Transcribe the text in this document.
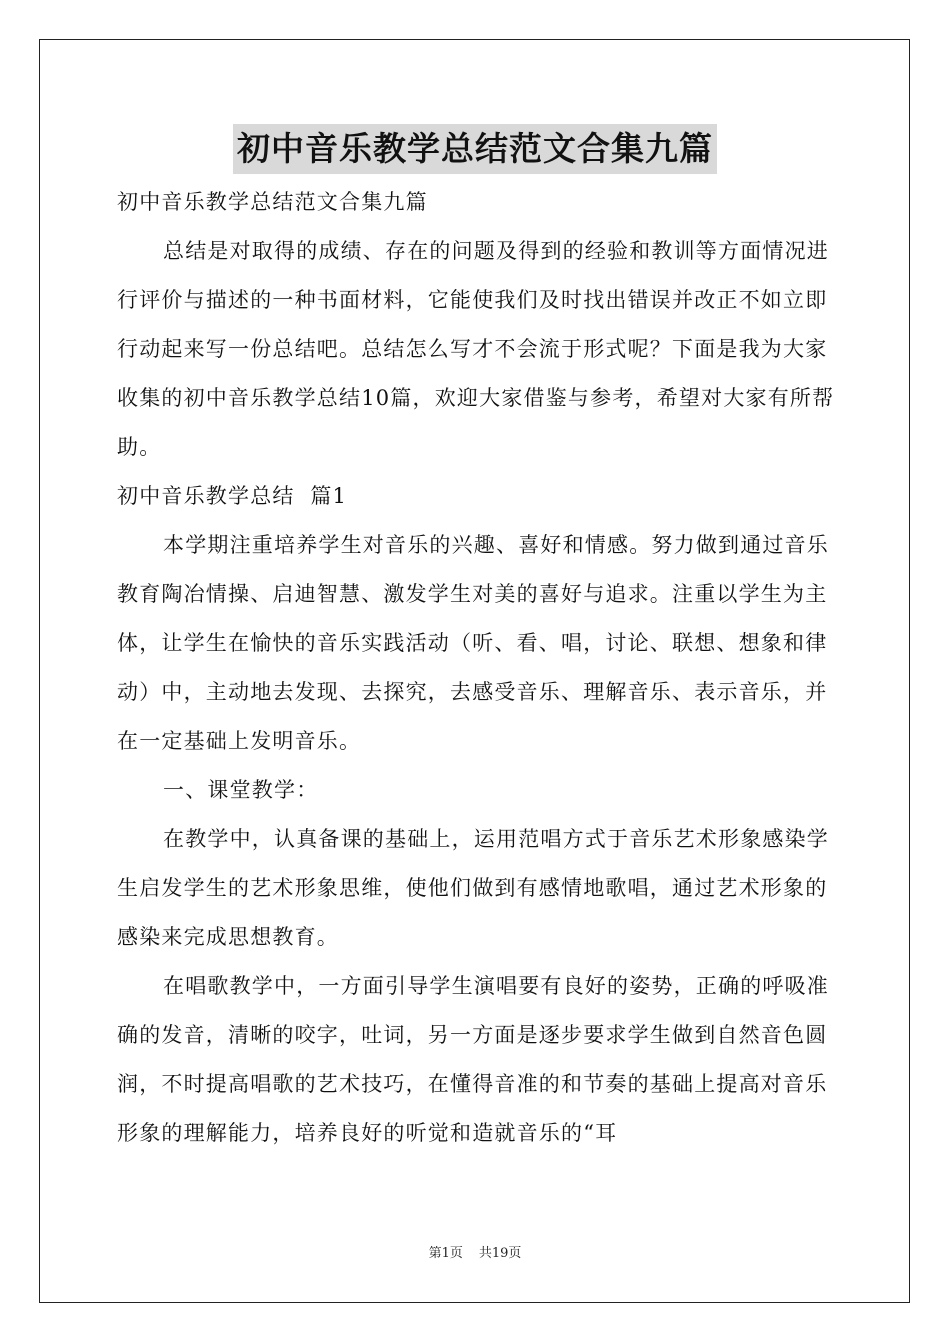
初中音乐教学总结范文合集九篇

初中音乐教学总结范文合集九篇

总结是对取得的成绩、存在的问题及得到的经验和教训等方面情况进行评价与描述的一种书面材料，它能使我们及时找出错误并改正不如立即行动起来写一份总结吧。总结怎么写才不会流于形式呢？下面是我为大家收集的初中音乐教学总结10篇，欢迎大家借鉴与参考，希望对大家有所帮助。

初中音乐教学总结  篇1

本学期注重培养学生对音乐的兴趣、喜好和情感。努力做到通过音乐教育陶冶情操、启迪智慧、激发学生对美的喜好与追求。注重以学生为主体，让学生在愉快的音乐实践活动（听、看、唱，讨论、联想、想象和律动）中，主动地去发现、去探究，去感受音乐、理解音乐、表示音乐，并在一定基础上发明音乐。

一、课堂教学：

在教学中，认真备课的基础上，运用范唱方式于音乐艺术形象感染学生启发学生的艺术形象思维，使他们做到有感情地歌唱，通过艺术形象的感染来完成思想教育。

在唱歌教学中，一方面引导学生演唱要有良好的姿势，正确的呼吸准确的发音，清晰的咬字，吐词，另一方面是逐步要求学生做到自然音色圆润，不时提高唱歌的艺术技巧，在懂得音准的和节奏的基础上提高对音乐形象的理解能力，培养良好的听觉和造就音乐的“耳

第1页 共19页
